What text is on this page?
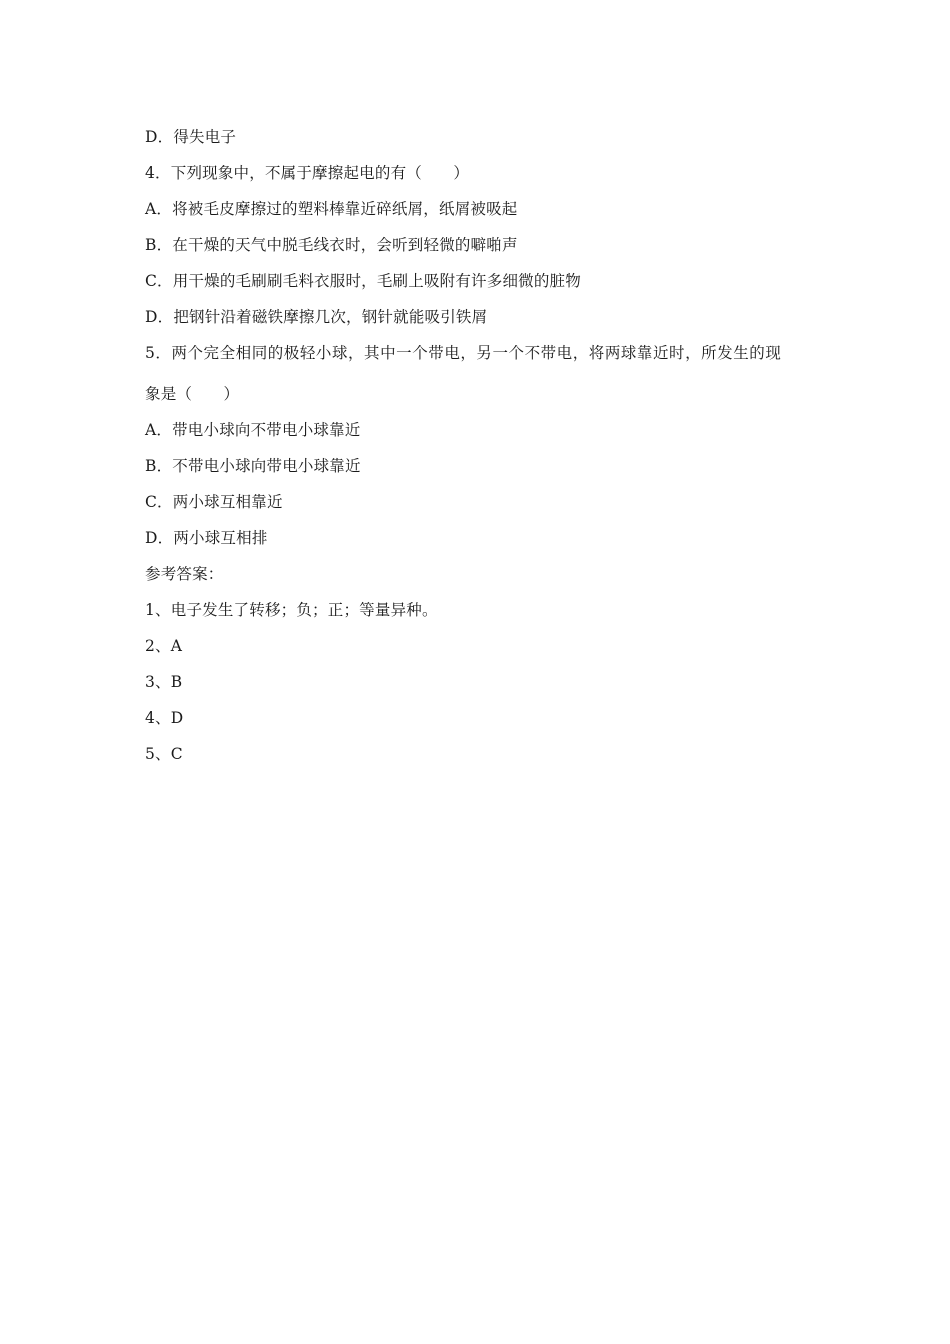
D．得失电子
4．下列现象中，不属于摩擦起电的有（　　）
A．将被毛皮摩擦过的塑料棒靠近碎纸屑，纸屑被吸起
B．在干燥的天气中脱毛线衣时，会听到轻微的噼啪声
C．用干燥的毛刷刷毛料衣服时，毛刷上吸附有许多细微的脏物
D．把钢针沿着磁铁摩擦几次，钢针就能吸引铁屑
5．两个完全相同的极轻小球，其中一个带电，另一个不带电，将两球靠近时，所发生的现
象是（　　）
A．带电小球向不带电小球靠近
B．不带电小球向带电小球靠近
C．两小球互相靠近
D．两小球互相排
参考答案：
1、电子发生了转移；负；正；等量异种。
2、A
3、B
4、D
5、C
